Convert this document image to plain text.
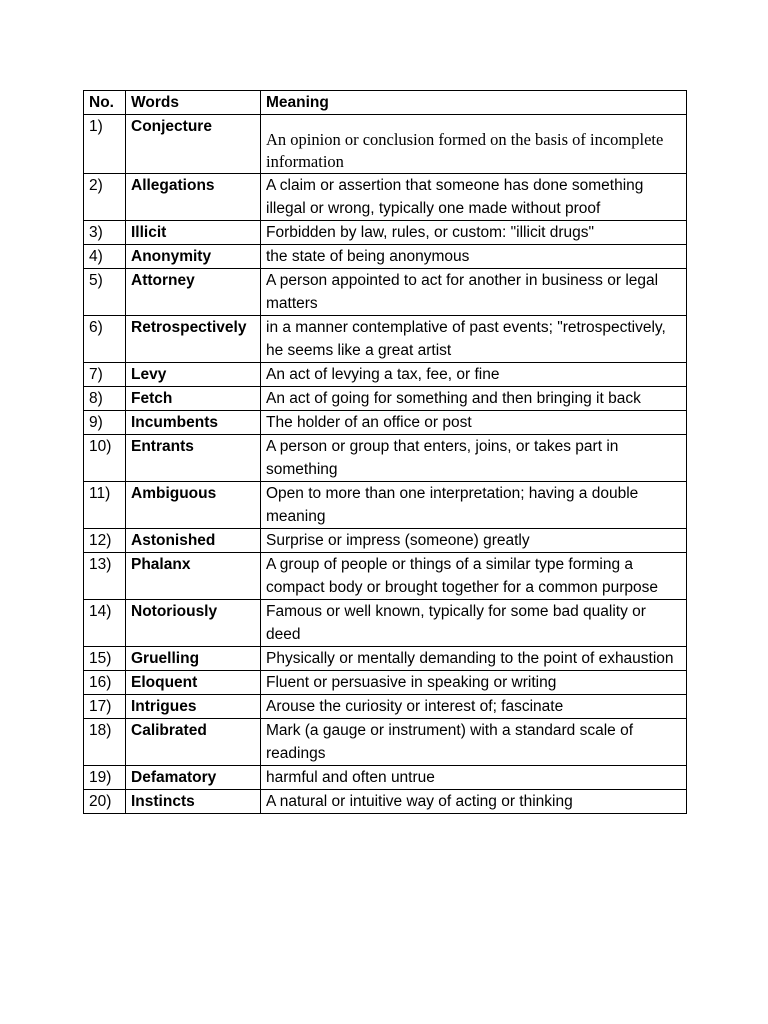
No.	Words	Meaning
1)	Conjecture	An opinion or conclusion formed on the basis of incomplete information
2)	Allegations	A claim or assertion that someone has done something illegal or wrong, typically one made without proof
3)	Illicit	Forbidden by law, rules, or custom: "illicit drugs"
4)	Anonymity	the state of being anonymous
5)	Attorney	A person appointed to act for another in business or legal matters
6)	Retrospectively	in a manner contemplative of past events; "retrospectively, he seems like a great artist
7)	Levy	An act of levying a tax, fee, or fine
8)	Fetch	An act of going for something and then bringing it back
9)	Incumbents	The holder of an office or post
10)	Entrants	A person or group that enters, joins, or takes part in something
11)	Ambiguous	Open to more than one interpretation; having a double meaning
12)	Astonished	Surprise or impress (someone) greatly
13)	Phalanx	A group of people or things of a similar type forming a compact body or brought together for a common purpose
14)	Notoriously	Famous or well known, typically for some bad quality or deed
15)	Gruelling	Physically or mentally demanding to the point of exhaustion
16)	Eloquent	Fluent or persuasive in speaking or writing
17)	Intrigues	Arouse the curiosity or interest of; fascinate
18)	Calibrated	Mark (a gauge or instrument) with a standard scale of readings
19)	Defamatory	harmful and often untrue
20)	Instincts	A natural or intuitive way of acting or thinking
